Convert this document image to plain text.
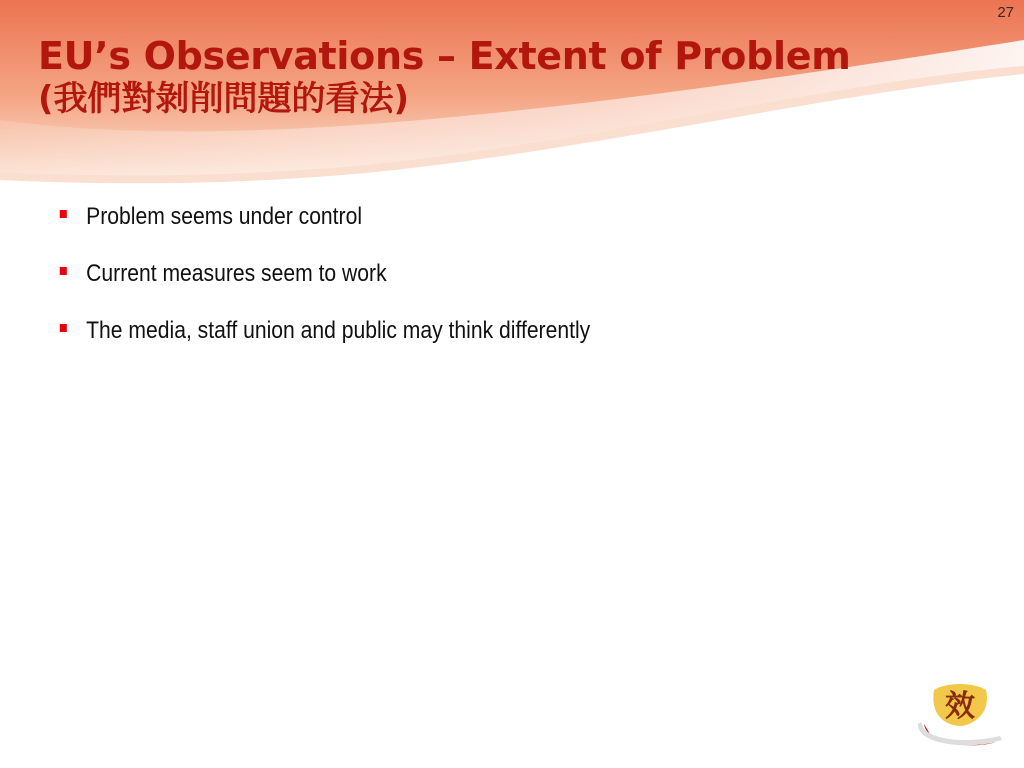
27
EU’s Observations – Extent of Problem
(我們對剝削問題的看法)
Problem seems under control
Current measures seem to work
The media, staff union and public may think differently
效
